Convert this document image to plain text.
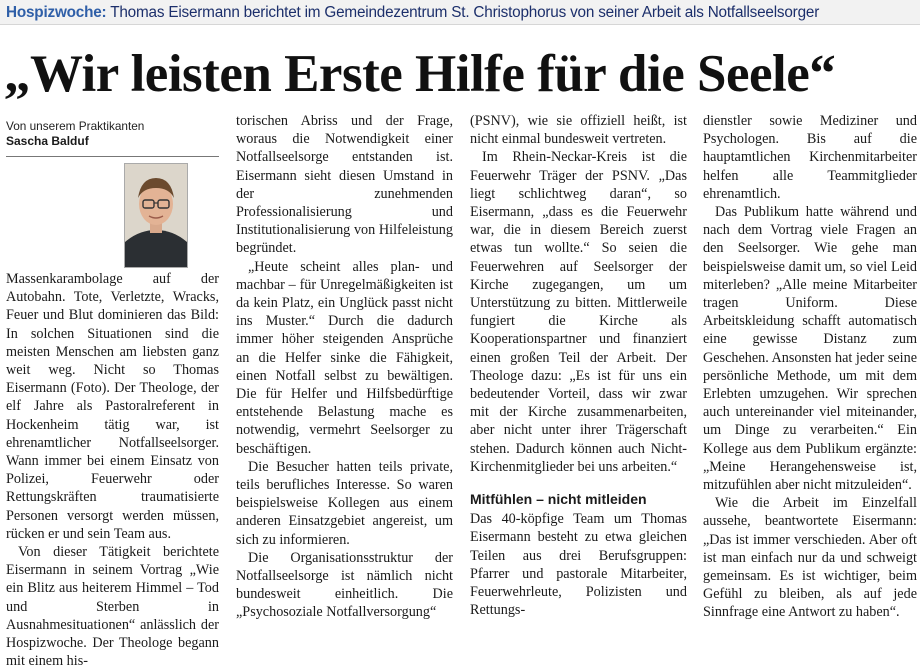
Hospizwoche: Thomas Eisermann berichtet im Gemeindezentrum St. Christophorus von seiner Arbeit als Notfallseelsorger
„Wir leisten Erste Hilfe für die Seele“
Von unserem Praktikanten
Sascha Balduf

Massenkarambolage auf der Autobahn. Tote, Verletzte, Wracks, Feuer und Blut dominieren das Bild: In solchen Situationen sind die meisten Menschen am liebsten ganz weit weg. Nicht so Thomas Eisermann (Foto). Der Theologe, der elf Jahre als Pastoralreferent in Hockenheim tätig war, ist ehrenamtlicher Notfallseelsorger. Wann immer bei einem Einsatz von Polizei, Feuerwehr oder Rettungskräften traumatisierte Personen versorgt werden müssen, rücken er und sein Team aus.

Von dieser Tätigkeit berichtete Eisermann in seinem Vortrag „Wie ein Blitz aus heiterem Himmel – Tod und Sterben in Ausnahmesituationen“ anlässlich der Hospizwoche. Der Theologe begann mit einem his-

torischen Abriss und der Frage, woraus die Notwendigkeit einer Notfallseelsorge entstanden ist. Eisermann sieht diesen Umstand in der zunehmenden Professionalisierung und Institutionalisierung von Hilfeleistung begründet.

„Heute scheint alles plan- und machbar – für Unregelmäßigkeiten ist da kein Platz, ein Unglück passt nicht ins Muster.“ Durch die dadurch immer höher steigenden Ansprüche an die Helfer sinke die Fähigkeit, einen Notfall selbst zu bewältigen. Die für Helfer und Hilfsbedürftige entstehende Belastung mache es notwendig, vermehrt Seelsorger zu beschäftigen.

Die Besucher hatten teils private, teils berufliches Interesse. So waren beispielsweise Kollegen aus einem anderen Einsatzgebiet angereist, um sich zu informieren.

Die Organisationsstruktur der Notfallseelsorge ist nämlich nicht bundesweit einheitlich. Die „Psychosoziale Notfallversorgung“

(PSNV), wie sie offiziell heißt, ist nicht einmal bundesweit vertreten.

Im Rhein-Neckar-Kreis ist die Feuerwehr Träger der PSNV. „Das liegt schlichtweg daran“, so Eisermann, „dass es die Feuerwehr war, die in diesem Bereich zuerst etwas tun wollte.“ So seien die Feuerwehren auf Seelsorger der Kirche zugegangen, um um Unterstützung zu bitten. Mittlerweile fungiert die Kirche als Kooperationspartner und finanziert einen großen Teil der Arbeit. Der Theologe dazu: „Es ist für uns ein bedeutender Vorteil, dass wir zwar mit der Kirche zusammenarbeiten, aber nicht unter ihrer Trägerschaft stehen. Dadurch können auch Nicht-Kirchenmitglieder bei uns arbeiten.“

Mitfühlen – nicht mitleiden

Das 40-köpfige Team um Thomas Eisermann besteht zu etwa gleichen Teilen aus drei Berufsgruppen: Pfarrer und pastorale Mitarbeiter, Feuerwehrleute, Polizisten und Rettungs-

dienstler sowie Mediziner und Psychologen. Bis auf die hauptamtlichen Kirchenmitarbeiter helfen alle Teammitglieder ehrenamtlich.

Das Publikum hatte während und nach dem Vortrag viele Fragen an den Seelsorger. Wie gehe man beispielsweise damit um, so viel Leid miterleben? „Alle meine Mitarbeiter tragen Uniform. Diese Arbeitskleidung schafft automatisch eine gewisse Distanz zum Geschehen. Ansonsten hat jeder seine persönliche Methode, um mit dem Erlebten umzugehen. Wir sprechen auch untereinander viel miteinander, um Dinge zu verarbeiten.“ Ein Kollege aus dem Publikum ergänzte: „Meine Herangehensweise ist, mitzufühlen aber nicht mitzuleiden“.

Wie die Arbeit im Einzelfall aussehe, beantwortete Eisermann: „Das ist immer verschieden. Aber oft ist man einfach nur da und schweigt gemeinsam. Es ist wichtiger, beim Gefühl zu bleiben, als auf jede Sinnfrage eine Antwort zu haben“.
